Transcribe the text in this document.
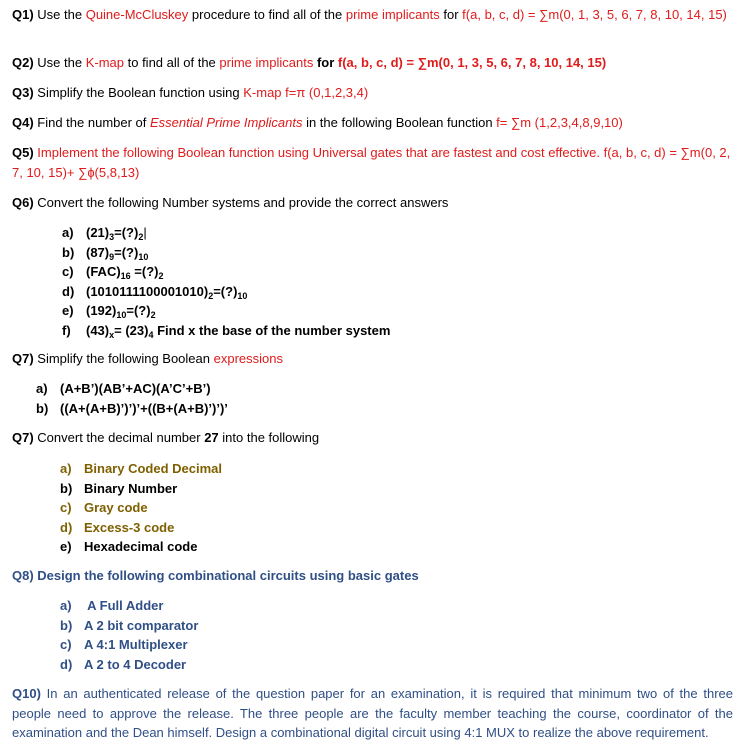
Q1) Use the Quine-McCluskey procedure to find all of the prime implicants for f(a, b, c, d) = ∑m(0, 1, 3, 5, 6, 7, 8, 10, 14, 15)
Q2) Use the K-map to find all of the prime implicants for f(a, b, c, d) = ∑m(0, 1, 3, 5, 6, 7, 8, 10, 14, 15)
Q3) Simplify the Boolean function using K-map f=π (0,1,2,3,4)
Q4) Find the number of Essential Prime Implicants in the following Boolean function f= ∑m (1,2,3,4,8,9,10)
Q5) Implement the following Boolean function using Universal gates that are fastest and cost effective. f(a, b, c, d) = ∑m(0, 2, 7, 10, 15)+ ∑ɸ(5,8,13)
Q6) Convert the following Number systems and provide the correct answers
a) $(21)_3=(?)_2|$
b) $(87)_9=(?)_{10}$
c) $(FAC)_{16}$ $=(?)_2$
d) $(1010111100001010)_2=(?)_{10}$
e) $(192)_{10}=(?)_2$
f) $(43)_x= (23)_4$ Find x the base of the number system
Q7) Simplify the following Boolean expressions
a) (A+B’)(AB’+AC)(A’C’+B’)
b) ((A+(A+B)’)’)’+((B+(A+B)’)’)’
Q7) Convert the decimal number 27 into the following
a) Binary Coded Decimal
b) Binary Number
c) Gray code
d) Excess-3 code
e) Hexadecimal code
Q8) Design the following combinational circuits using basic gates
a) A Full Adder
b) A 2 bit comparator
c) A 4:1 Multiplexer
d) A 2 to 4 Decoder
Q10) In an authenticated release of the question paper for an examination, it is required that minimum two of the three people need to approve the release. The three people are the faculty member teaching the course, coordinator of the examination and the Dean himself. Design a combinational digital circuit using 4:1 MUX to realize the above requirement.
